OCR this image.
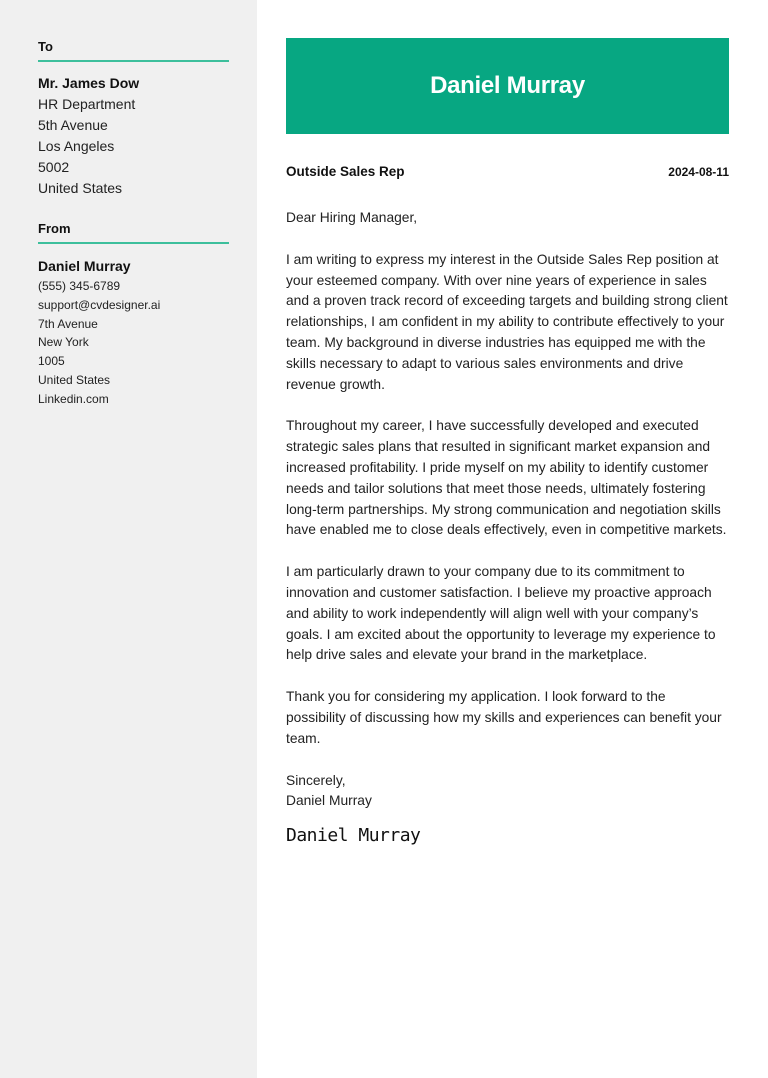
To
Mr. James Dow
HR Department
5th Avenue
Los Angeles
5002
United States
From
Daniel Murray
(555) 345-6789
support@cvdesigner.ai
7th Avenue
New York
1005
United States
Linkedin.com
Daniel Murray
Outside Sales Rep	2024-08-11

Dear Hiring Manager,

I am writing to express my interest in the Outside Sales Rep position at your esteemed company. With over nine years of experience in sales and a proven track record of exceeding targets and building strong client relationships, I am confident in my ability to contribute effectively to your team. My background in diverse industries has equipped me with the skills necessary to adapt to various sales environments and drive revenue growth.

Throughout my career, I have successfully developed and executed strategic sales plans that resulted in significant market expansion and increased profitability. I pride myself on my ability to identify customer needs and tailor solutions that meet those needs, ultimately fostering long-term partnerships. My strong communication and negotiation skills have enabled me to close deals effectively, even in competitive markets.

I am particularly drawn to your company due to its commitment to innovation and customer satisfaction. I believe my proactive approach and ability to work independently will align well with your company’s goals. I am excited about the opportunity to leverage my experience to help drive sales and elevate your brand in the marketplace.

Thank you for considering my application. I look forward to the possibility of discussing how my skills and experiences can benefit your team.

Sincerely,
Daniel Murray
Daniel Murray
